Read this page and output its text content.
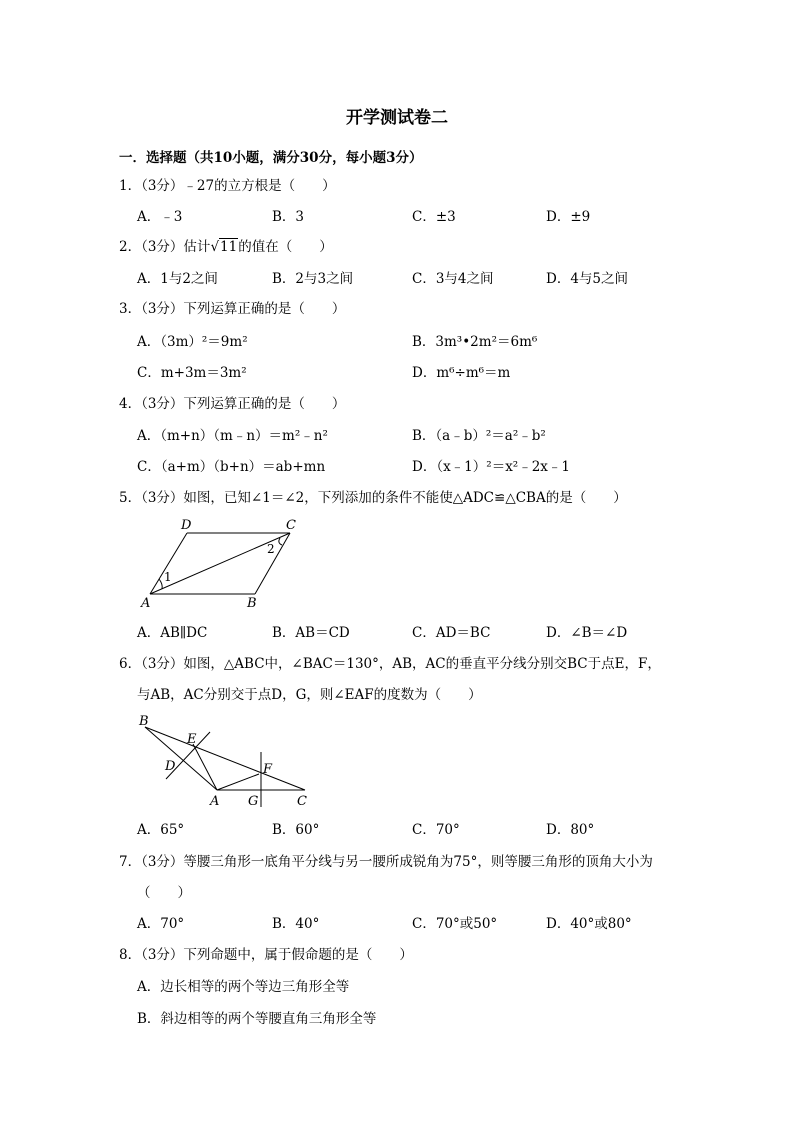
开学测试卷二
一．选择题（共10小题，满分30分，每小题3分）
1．（3分）﹣27的立方根是（　　）
A．﹣3	B．3	C．±3	D．±9
2．（3分）估计√11的值在（　　）
A．1与2之间	B．2与3之间	C．3与4之间	D．4与5之间
3．（3分）下列运算正确的是（　　）
A．（3m）²＝9m²	B．3m³•2m²＝6m⁶
C．m+3m＝3m²	D．m⁶÷m⁶＝m
4．（3分）下列运算正确的是（　　）
A．（m+n）（m﹣n）＝m²﹣n²	B．（a﹣b）²＝a²﹣b²
C．（a+m）（b+n）＝ab+mn	D．（x﹣1）²＝x²﹣2x﹣1
5．（3分）如图，已知∠1＝∠2，下列添加的条件不能使△ADC≌△CBA的是（　　）
A	B
C
D
1
2
A．AB∥DC	B．AB＝CD	C．AD＝BC	D．∠B＝∠D
6．（3分）如图，△ABC中，∠BAC＝130°，AB，AC的垂直平分线分别交BC于点E，F，
与AB，AC分别交于点D，G，则∠EAF的度数为（　　）
B
E
D	F
A G	C
A．65°	B．60°	C．70°	D．80°
7．（3分）等腰三角形一底角平分线与另一腰所成锐角为75°，则等腰三角形的顶角大小为
（　　）
A．70°	B．40°	C．70°或50°	D．40°或80°
8．（3分）下列命题中，属于假命题的是（　　）
A．边长相等的两个等边三角形全等
B．斜边相等的两个等腰直角三角形全等
